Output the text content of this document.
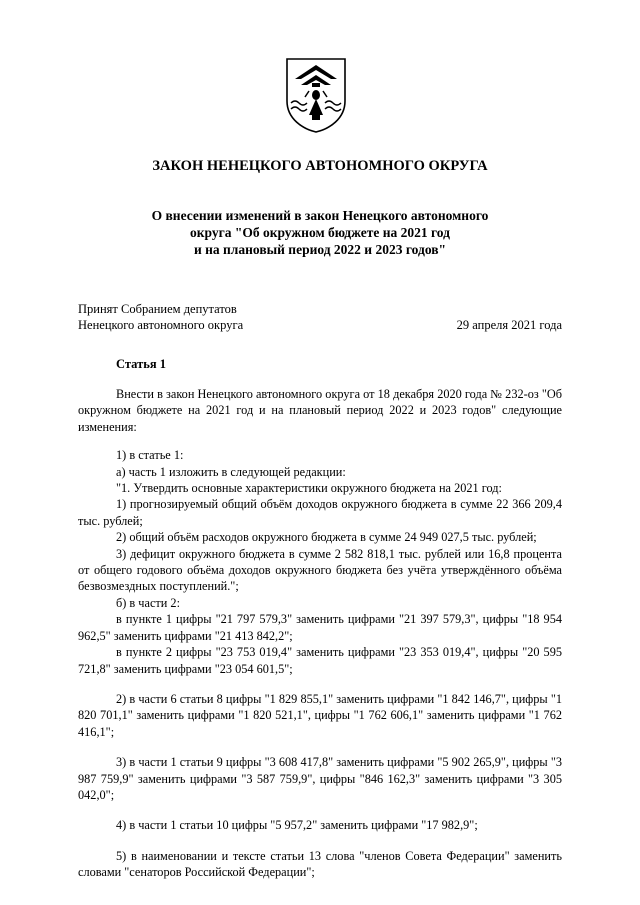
ЗАКОН НЕНЕЦКОГО АВТОНОМНОГО ОКРУГА
О внесении изменений в закон Ненецкого автономного
округа "Об окружном бюджете на 2021 год
и на плановый период 2022 и 2023 годов"
Принят Собранием депутатов
Ненецкого автономного округа	29 апреля 2021 года
Статья 1

Внести в закон Ненецкого автономного округа от 18 декабря 2020 года № 232-оз "Об окружном бюджете на 2021 год и на плановый период 2022 и 2023 годов" следующие изменения:

1) в статье 1:

а) часть 1 изложить в следующей редакции:

"1. Утвердить основные характеристики окружного бюджета на 2021 год:

1) прогнозируемый общий объём доходов окружного бюджета в сумме 22 366 209,4 тыс. рублей;

2) общий объём расходов окружного бюджета в сумме 24 949 027,5 тыс. рублей;

3) дефицит окружного бюджета в сумме 2 582 818,1 тыс. рублей или 16,8 процента от общего годового объёма доходов окружного бюджета без учёта утверждённого объёма безвозмездных поступлений.";

б) в части 2:

в пункте 1 цифры "21 797 579,3" заменить цифрами "21 397 579,3", цифры "18 954 962,5" заменить цифрами "21 413 842,2";

в пункте 2 цифры "23 753 019,4" заменить цифрами "23 353 019,4", цифры "20 595 721,8" заменить цифрами "23 054 601,5";

2) в части 6 статьи 8 цифры "1 829 855,1" заменить цифрами "1 842 146,7", цифры "1 820 701,1" заменить цифрами "1 820 521,1", цифры "1 762 606,1" заменить цифрами "1 762 416,1";

3) в части 1 статьи 9 цифры "3 608 417,8" заменить цифрами "5 902 265,9", цифры "3 987 759,9" заменить цифрами "3 587 759,9", цифры "846 162,3" заменить цифрами "3 305 042,0";

4) в части 1 статьи 10 цифры "5 957,2" заменить цифрами "17 982,9";

5) в наименовании и тексте статьи 13 слова "членов Совета Федерации" заменить словами "сенаторов Российской Федерации";
